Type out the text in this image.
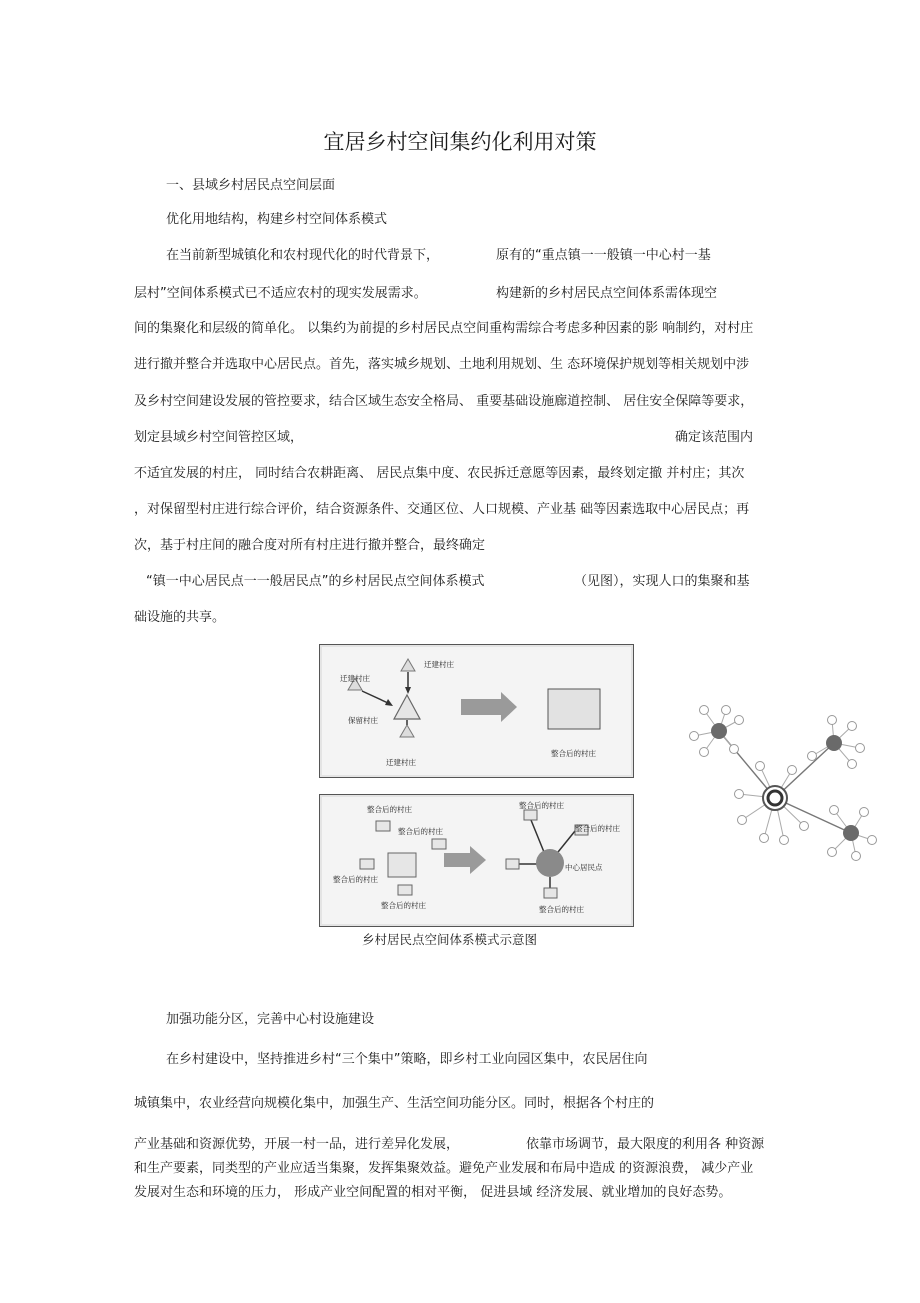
宜居乡村空间集约化利用对策

一、县域乡村居民点空间层面

优化用地结构，构建乡村空间体系模式

在当前新型城镇化和农村现代化的时代背景下，	原有的“重点镇一一般镇一中心村一基

层村”空间体系模式已不适应农村的现实发展需求。	构建新的乡村居民点空间体系需体现空

间的集聚化和层级的简单化。 以集约为前提的乡村居民点空间重构需综合考虑多种因素的影 响制约，对村庄

进行撤并整合并选取中心居民点。首先，落实城乡规划、土地利用规划、生 态环境保护规划等相关规划中涉

及乡村空间建设发展的管控要求，结合区域生态安全格局、 重要基础设施廊道控制、 居住安全保障等要求，

划定县域乡村空间管控区域，	确定该范围内

不适宜发展的村庄， 同时结合农耕距离、 居民点集中度、农民拆迁意愿等因素，最终划定撤 并村庄；其次

，对保留型村庄进行综合评价，结合资源条件、交通区位、人口规模、产业基 础等因素选取中心居民点；再

次，基于村庄间的融合度对所有村庄进行撤并整合，最终确定

“镇一中心居民点一一般居民点”的乡村居民点空间体系模式	（见图），实现人口的集聚和基

础设施的共享。

迁建村庄
迁建村庄
保留村庄
迁建村庄
整合后的村庄
整合后的村庄
整合后的村庄
整合后的村庄
整合后的村庄
整合后的村庄
整合后的村庄
中心居民点
整合后的村庄

乡村居民点空间体系模式示意图

加强功能分区，完善中心村设施建设

在乡村建设中，坚持推进乡村“三个集中”策略，即乡村工业向园区集中，农民居住向

城镇集中，农业经营向规模化集中，加强生产、生活空间功能分区。同时，根据各个村庄的

产业基础和资源优势，开展一村一品，进行差异化发展，	依靠市场调节，最大限度的利用各 种资源

和生产要素，同类型的产业应适当集聚，发挥集聚效益。避免产业发展和布局中造成 的资源浪费， 减少产业

发展对生态和环境的压力， 形成产业空间配置的相对平衡， 促进县域 经济发展、就业增加的良好态势。
